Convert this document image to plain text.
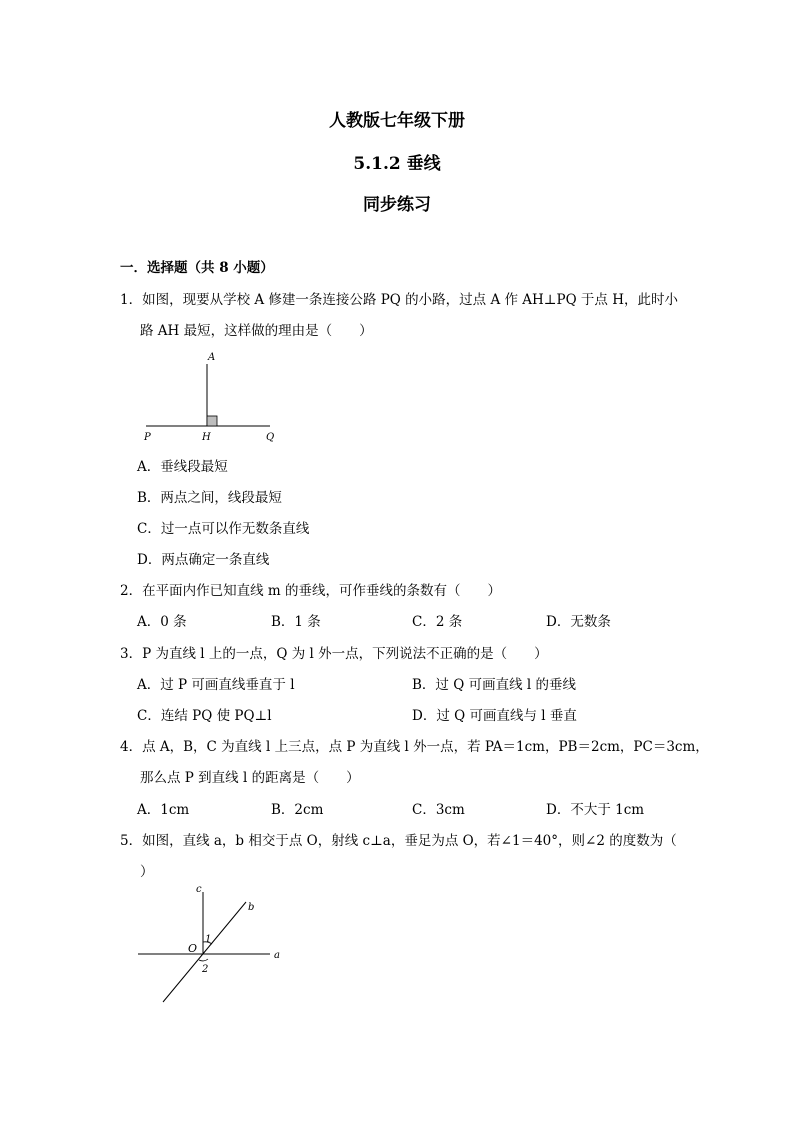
人教版七年级下册
5.1.2 垂线
同步练习
一．选择题（共 8 小题）
1．如图，现要从学校 A 修建一条连接公路 PQ 的小路，过点 A 作 AH⊥PQ 于点 H，此时小
路 AH 最短，这样做的理由是（　　）
A
P	H	Q
A．垂线段最短
B．两点之间，线段最短
C．过一点可以作无数条直线
D．两点确定一条直线
2．在平面内作已知直线 m 的垂线，可作垂线的条数有（　　）
A．0 条	B．1 条	C．2 条	D．无数条
3．P 为直线 l 上的一点，Q 为 l 外一点，下列说法不正确的是（　　）
A．过 P 可画直线垂直于 l	B．过 Q 可画直线 l 的垂线
C．连结 PQ 使 PQ⊥l	D．过 Q 可画直线与 l 垂直
4．点 A，B，C 为直线 l 上三点，点 P 为直线 l 外一点，若 PA＝1cm，PB＝2cm，PC＝3cm，
那么点 P 到直线 l 的距离是（　　）
A．1cm	B．2cm	C．3cm	D．不大于 1cm
5．如图，直线 a，b 相交于点 O，射线 c⊥a，垂足为点 O，若∠1＝40°，则∠2 的度数为（
）
c
b
O
1
2
a
